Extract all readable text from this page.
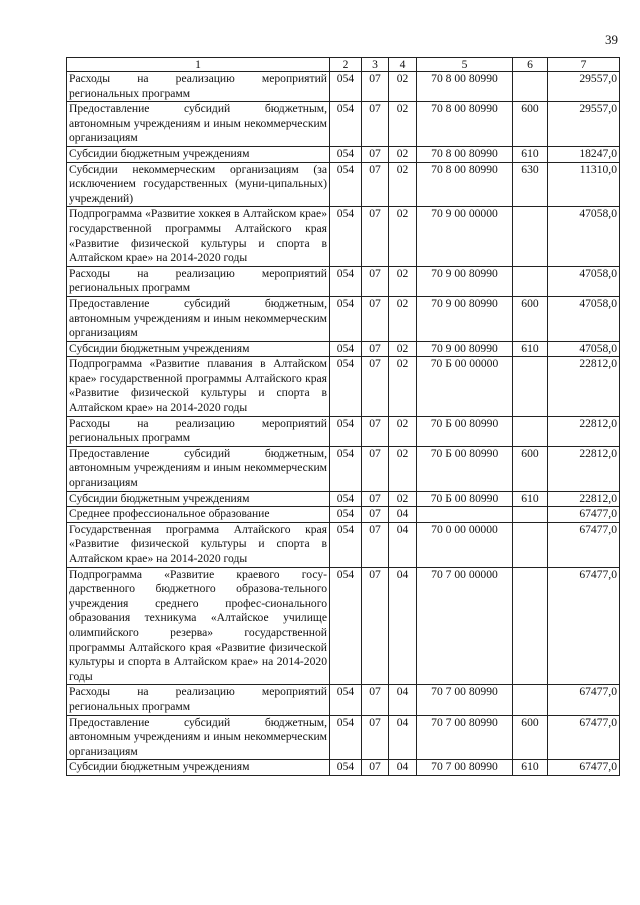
39
1	2	3	4	5	6	7
Расходы на реализацию мероприятий региональных программ	054	07	02	70 8 00 80990		29557,0
Предоставление субсидий бюджетным, автономным учреждениям и иным некоммерческим организациям	054	07	02	70 8 00 80990	600	29557,0
Субсидии бюджетным учреждениям	054	07	02	70 8 00 80990	610	18247,0
Субсидии некоммерческим организациям (за исключением государственных (муни-ципальных) учреждений)	054	07	02	70 8 00 80990	630	11310,0
Подпрограмма «Развитие хоккея в Алтайском крае» государственной программы Алтайского края «Развитие физической культуры и спорта в Алтайском крае» на 2014-2020 годы	054	07	02	70 9 00 00000		47058,0
Расходы на реализацию мероприятий региональных программ	054	07	02	70 9 00 80990		47058,0
Предоставление субсидий бюджетным, автономным учреждениям и иным некоммерческим организациям	054	07	02	70 9 00 80990	600	47058,0
Субсидии бюджетным учреждениям	054	07	02	70 9 00 80990	610	47058,0
Подпрограмма «Развитие плавания в Алтайском крае» государственной программы Алтайского края «Развитие физической культуры и спорта в Алтайском крае» на 2014-2020 годы	054	07	02	70 Б 00 00000		22812,0
Расходы на реализацию мероприятий региональных программ	054	07	02	70 Б 00 80990		22812,0
Предоставление субсидий бюджетным, автономным учреждениям и иным некоммерческим организациям	054	07	02	70 Б 00 80990	600	22812,0
Субсидии бюджетным учреждениям	054	07	02	70 Б 00 80990	610	22812,0
Среднее профессиональное образование	054	07	04			67477,0
Государственная программа Алтайского края «Развитие физической культуры и спорта в Алтайском крае» на 2014-2020 годы	054	07	04	70 0 00 00000		67477,0
Подпрограмма «Развитие краевого госу-дарственного бюджетного образова-тельного учреждения среднего профес-сионального образования техникума «Алтайское училище олимпийского резерва» государственной программы Алтайского края «Развитие физической культуры и спорта в Алтайском крае» на 2014-2020 годы	054	07	04	70 7 00 00000		67477,0
Расходы на реализацию мероприятий региональных программ	054	07	04	70 7 00 80990		67477,0
Предоставление субсидий бюджетным, автономным учреждениям и иным некоммерческим организациям	054	07	04	70 7 00 80990	600	67477,0
Субсидии бюджетным учреждениям	054	07	04	70 7 00 80990	610	67477,0
